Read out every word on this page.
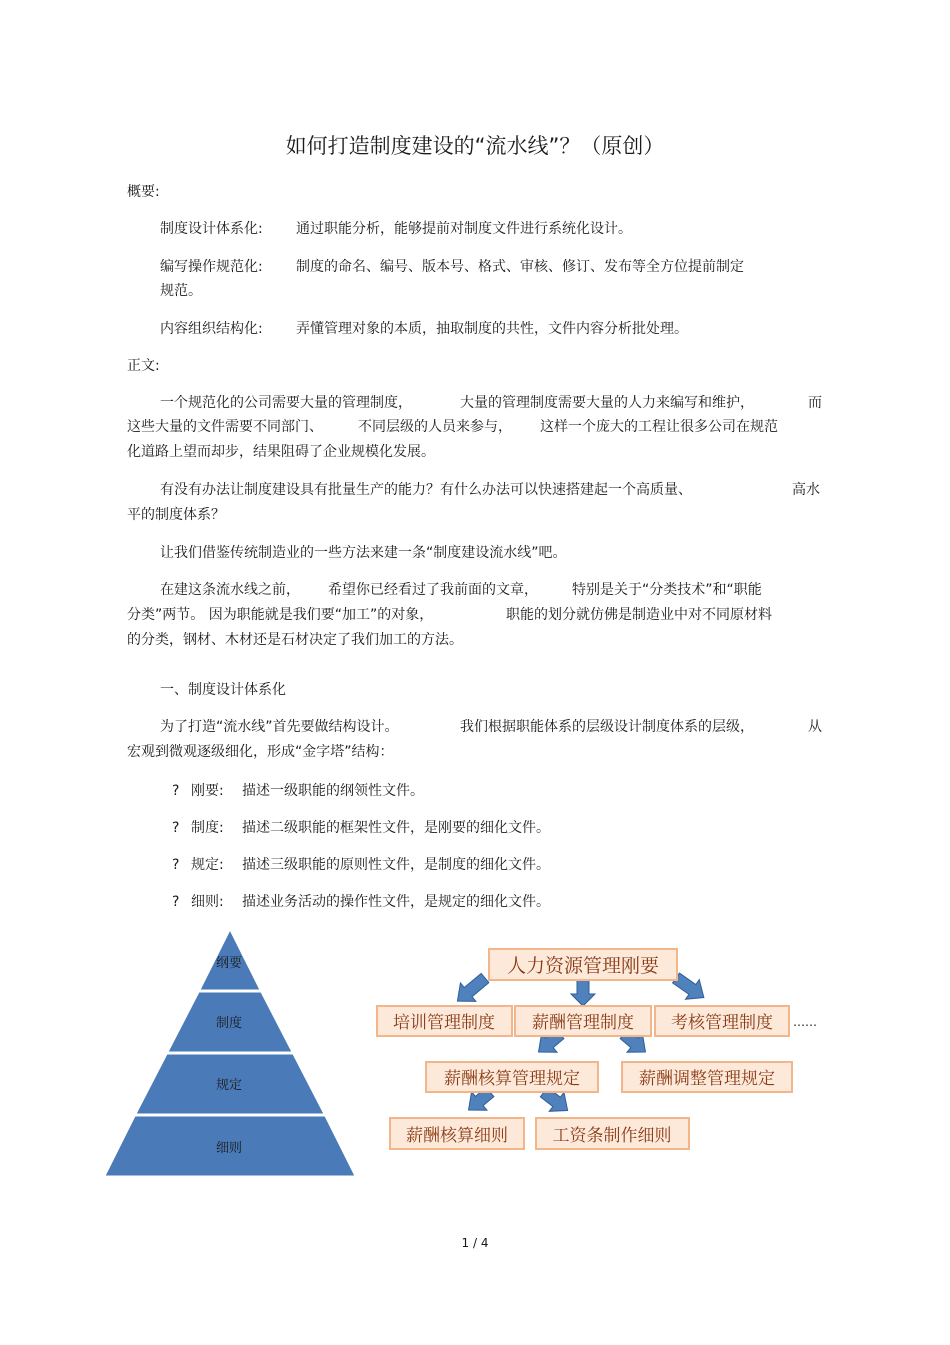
如何打造制度建设的“流水线”？（原创）
概要:
制度设计体系化: 通过职能分析，能够提前对制度文件进行系统化设计。
编写操作规范化: 制度的命名、编号、版本号、格式、审核、修订、发布等全方位提前制定
规范。
内容组织结构化: 弄懂管理对象的本质，抽取制度的共性，文件内容分析批处理。
正文:
一个规范化的公司需要大量的管理制度，	大量的管理制度需要大量的人力来编写和维护，	而
这些大量的文件需要不同部门、	不同层级的人员来参与， 这样一个庞大的工程让很多公司在规范
化道路上望而却步，结果阻碍了企业规模化发展。
有没有办法让制度建设具有批量生产的能力？有什么办法可以快速搭建起一个高质量、	高水
平的制度体系？
让我们借鉴传统制造业的一些方法来建一条“制度建设流水线”吧。
在建这条流水线之前， 希望你已经看过了我前面的文章， 特别是关于“分类技术”和“职能
分类”两节。 因为职能就是我们要“加工”的对象，	职能的划分就仿佛是制造业中对不同原材料
的分类，钢材、木材还是石材决定了我们加工的方法。
一、制度设计体系化
为了打造“流水线”首先要做结构设计。	我们根据职能体系的层级设计制度体系的层级，	从
宏观到微观逐级细化，形成“金字塔”结构：
? 刚要: 描述一级职能的纲领性文件。
? 制度: 描述二级职能的框架性文件，是刚要的细化文件。
? 规定: 描述三级职能的原则性文件，是制度的细化文件。
? 细则: 描述业务活动的操作性文件，是规定的细化文件。
纲要
制度
规定
细则
人力资源管理刚要
培训管理制度 薪酬管理制度 考核管理制度 ……
薪酬核算管理规定	薪酬调整管理规定
薪酬核算细则	工资条制作细则
1 / 4
